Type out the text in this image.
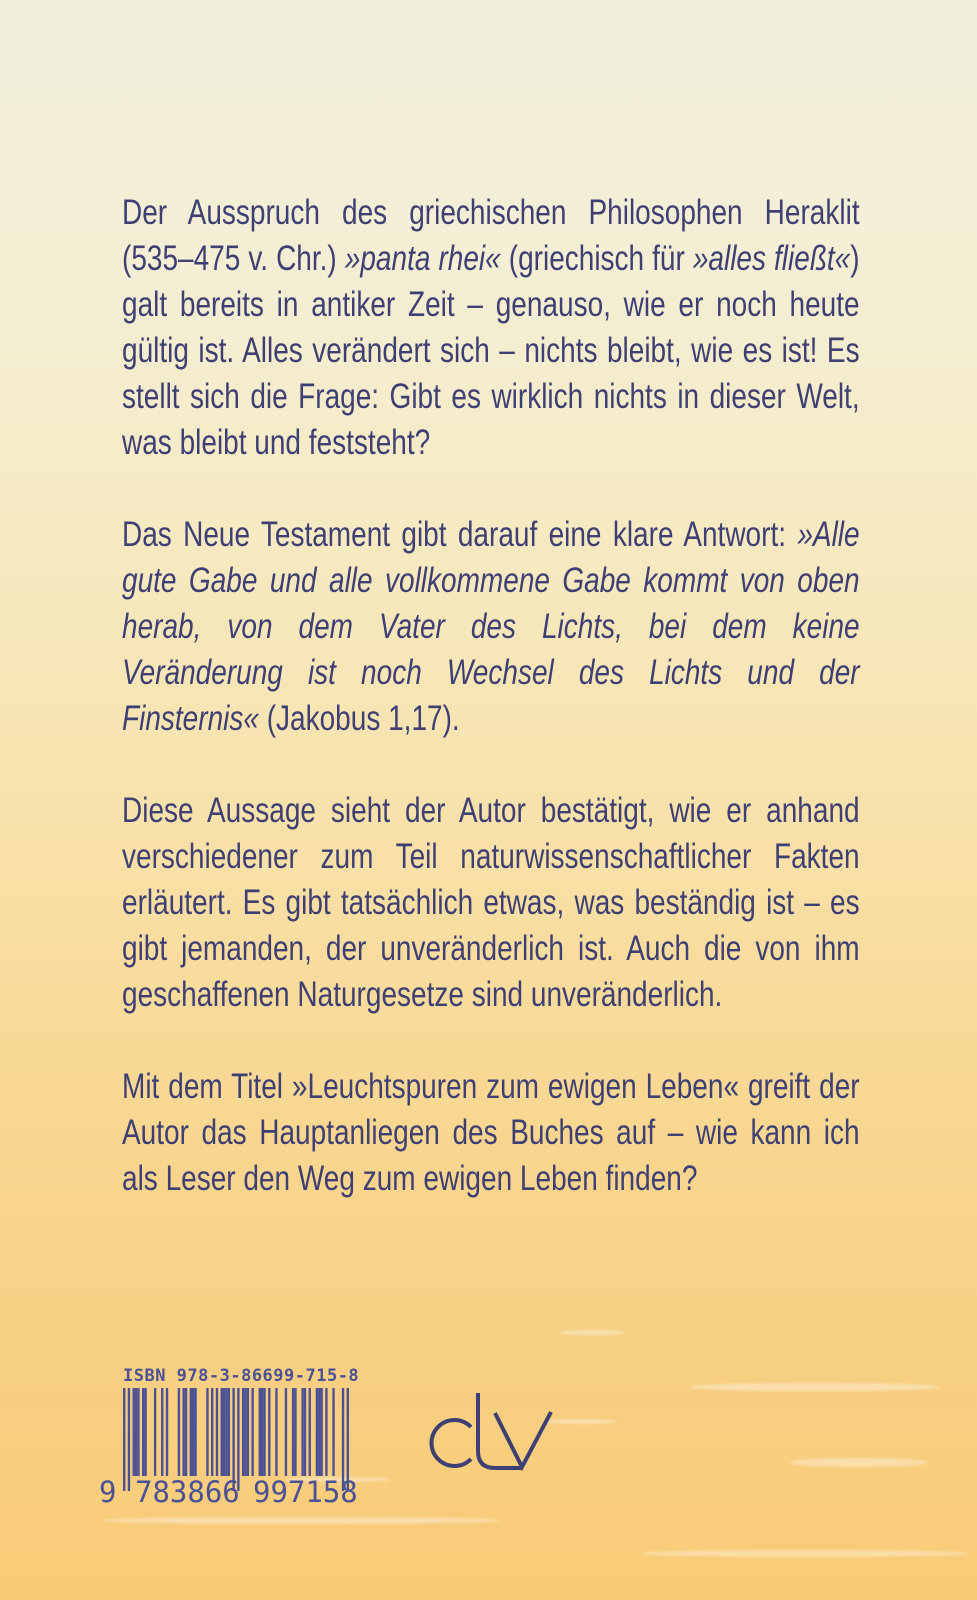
Der Ausspruch des griechischen Philosophen Heraklit (535–475 v. Chr.) »panta rhei« (griechisch für »alles fließt«) galt bereits in antiker Zeit – genauso, wie er noch heute gültig ist. Alles verändert sich – nichts bleibt, wie es ist! Es stellt sich die Frage: Gibt es wirklich nichts in dieser Welt, was bleibt und feststeht?

Das Neue Testament gibt darauf eine klare Antwort: »Alle gute Gabe und alle vollkommene Gabe kommt von oben herab, von dem Vater des Lichts, bei dem keine Veränderung ist noch Wechsel des Lichts und der Finsternis« (Jakobus 1,17).

Diese Aussage sieht der Autor bestätigt, wie er anhand verschiedener zum Teil naturwissenschaftlicher Fakten erläutert. Es gibt tatsächlich etwas, was beständig ist – es gibt jemanden, der unveränderlich ist. Auch die von ihm geschaffenen Naturgesetze sind unveränderlich.

Mit dem Titel »Leuchtspuren zum ewigen Leben« greift der Autor das Hauptanliegen des Buches auf – wie kann ich als Leser den Weg zum ewigen Leben finden?

ISBN 978-3-86699-715-8
9 783866 997158
